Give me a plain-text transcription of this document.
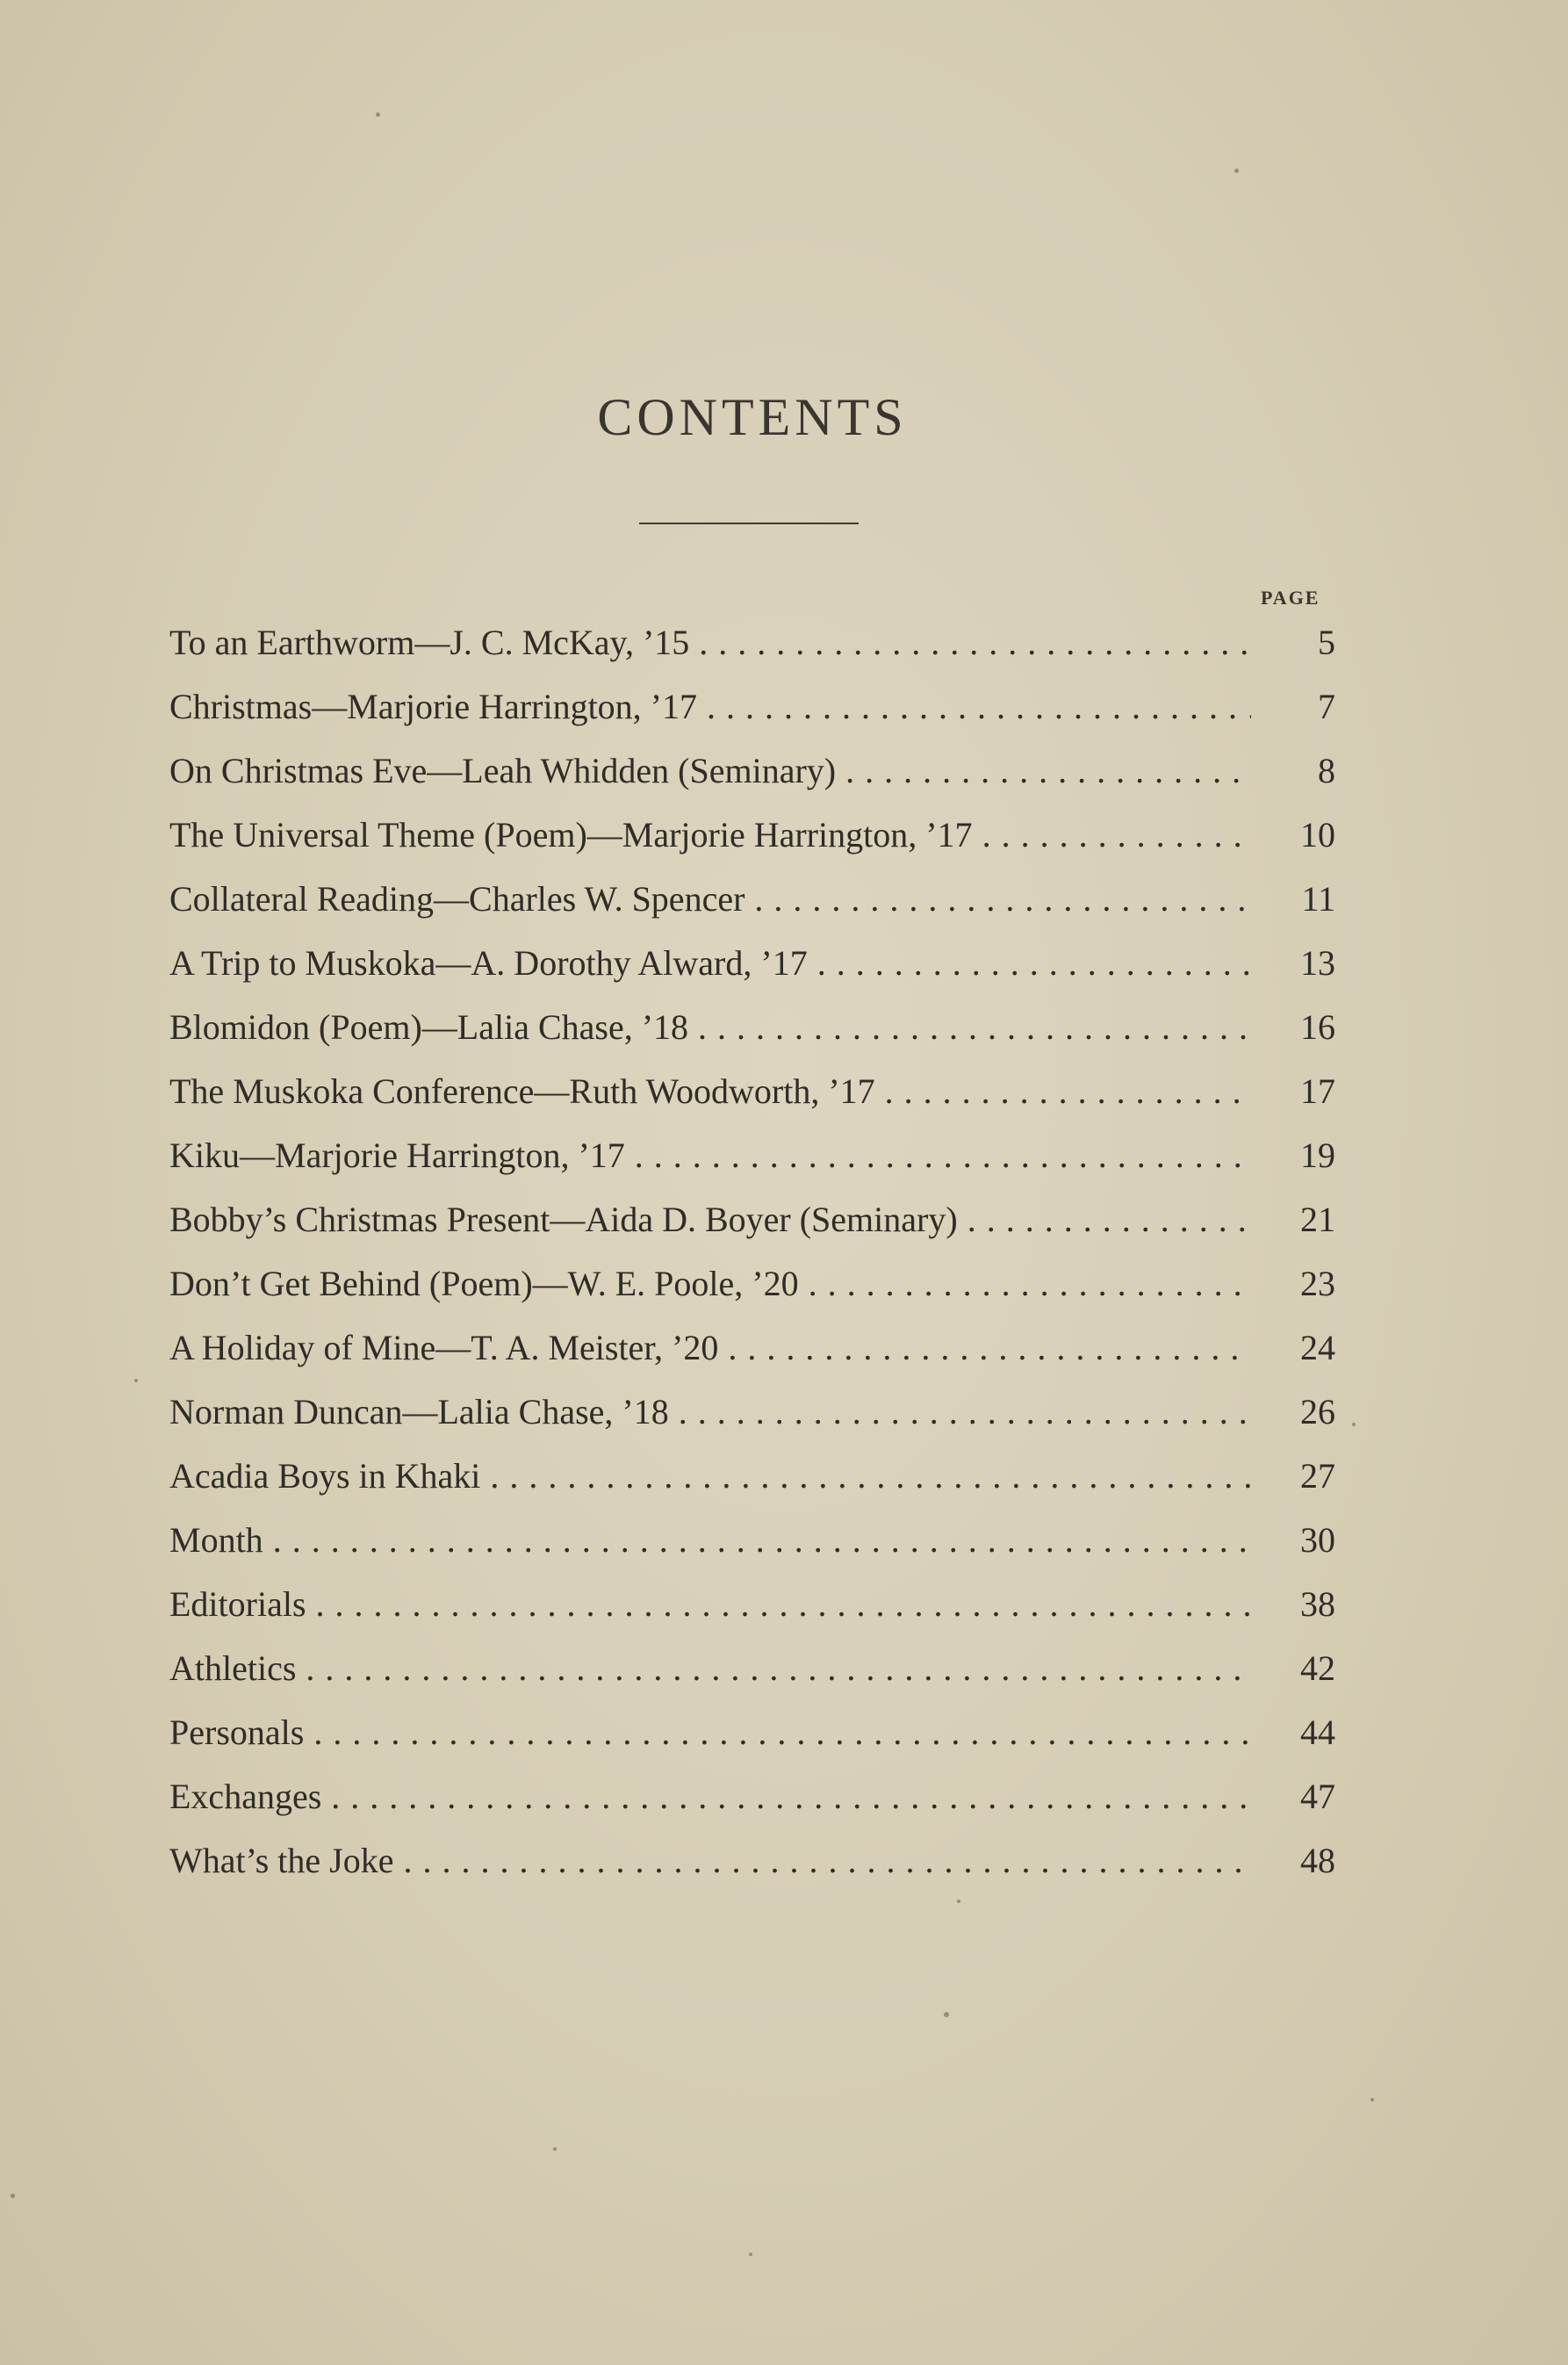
CONTENTS
PAGE
To an Earthworm—J. C. McKay, ’15 . . .	5
Christmas—Marjorie Harrington, ’17 . . .	7
On Christmas Eve—Leah Whidden (Seminary) . . .	8
The Universal Theme (Poem)—Marjorie Harrington, ’17 . . .	10
Collateral Reading—Charles W. Spencer . . .	11
A Trip to Muskoka—A. Dorothy Alward, ’17 . . .	13
Blomidon (Poem)—Lalia Chase, ’18 . . .	16
The Muskoka Conference—Ruth Woodworth, ’17 . . .	17
Kiku—Marjorie Harrington, ’17 . . .	19
Bobby’s Christmas Present—Aida D. Boyer (Seminary) . . .	21
Don’t Get Behind (Poem)—W. E. Poole, ’20 . . .	23
A Holiday of Mine—T. A. Meister, ’20 . . .	24
Norman Duncan—Lalia Chase, ’18 . . .	26
Acadia Boys in Khaki . . .	27
Month . . .	30
Editorials . . .	38
Athletics . . .	42
Personals . . .	44
Exchanges . . .	47
What’s the Joke . . .	48
